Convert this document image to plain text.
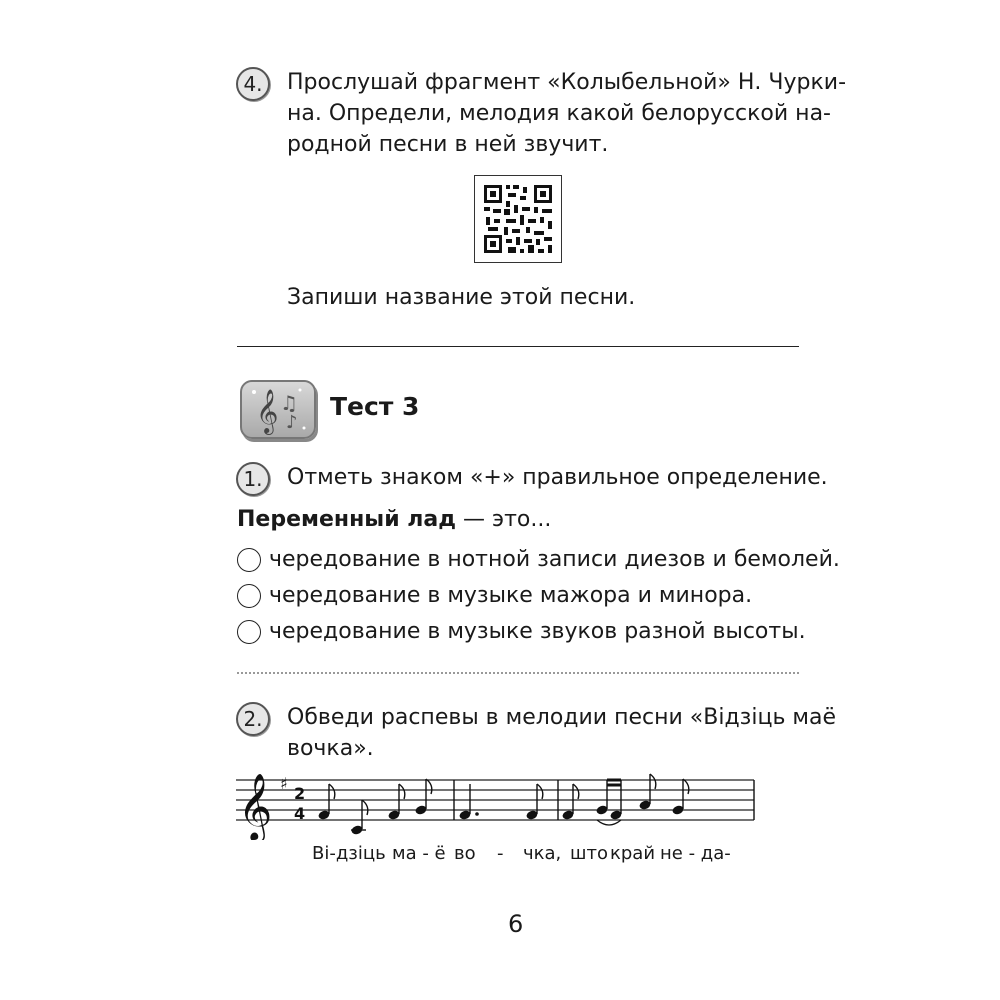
4.	Прослушай фрагмент «Колыбельной» Н. Чурки-

на. Определи, мелодия какой белорусской на-

родной песни в ней звучит.

Запиши название этой песни.

𝄞 ♫
♪
Тест 3
1.	Отметь знаком «+» правильное определение.

Переменный лад — это...
чередование в нотной записи диезов и бемолей.
чередование в музыке мажора и минора.
чередование в музыке звуков разной высоты.
2.	Обведи распевы в мелодии песни «Відзіць маё

вочка».

𝄞 ♯
2
4
Ві-дзіць ма - ё во - чка, што край не - да-
6
